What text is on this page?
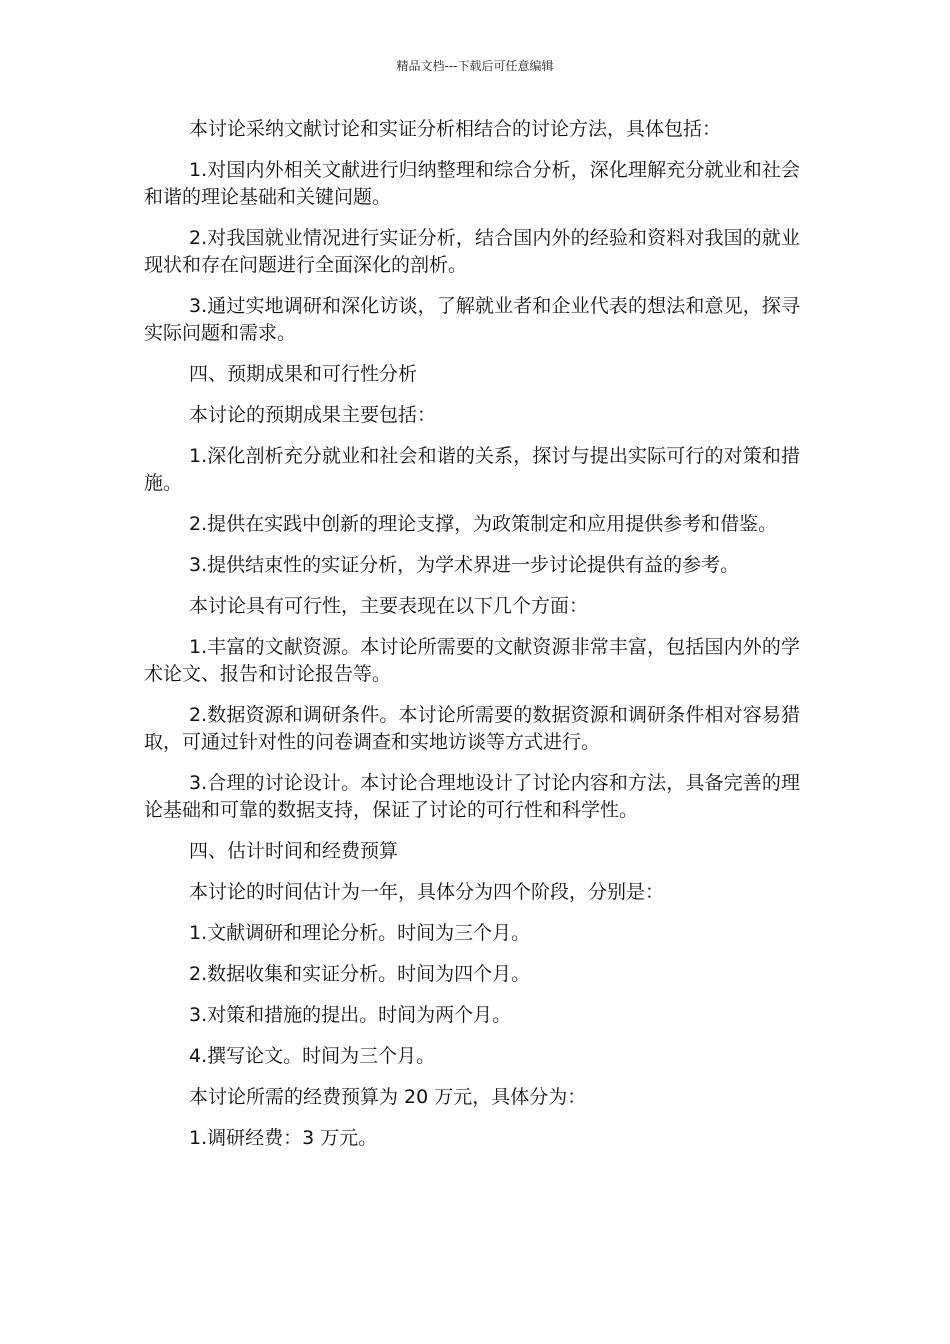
精品文档---下载后可任意编辑

本讨论采纳文献讨论和实证分析相结合的讨论方法，具体包括：

1.对国内外相关文献进行归纳整理和综合分析，深化理解充分就业和社会和谐的理论基础和关键问题。

2.对我国就业情况进行实证分析，结合国内外的经验和资料对我国的就业现状和存在问题进行全面深化的剖析。

3.通过实地调研和深化访谈，了解就业者和企业代表的想法和意见，探寻实际问题和需求。

四、预期成果和可行性分析

本讨论的预期成果主要包括：

1.深化剖析充分就业和社会和谐的关系，探讨与提出实际可行的对策和措施。

2.提供在实践中创新的理论支撑，为政策制定和应用提供参考和借鉴。

3.提供结束性的实证分析，为学术界进一步讨论提供有益的参考。

本讨论具有可行性，主要表现在以下几个方面：

1.丰富的文献资源。本讨论所需要的文献资源非常丰富，包括国内外的学术论文、报告和讨论报告等。

2.数据资源和调研条件。本讨论所需要的数据资源和调研条件相对容易猎取，可通过针对性的问卷调查和实地访谈等方式进行。

3.合理的讨论设计。本讨论合理地设计了讨论内容和方法，具备完善的理论基础和可靠的数据支持，保证了讨论的可行性和科学性。

四、估计时间和经费预算

本讨论的时间估计为一年，具体分为四个阶段，分别是：

1.文献调研和理论分析。时间为三个月。

2.数据收集和实证分析。时间为四个月。

3.对策和措施的提出。时间为两个月。

4.撰写论文。时间为三个月。

本讨论所需的经费预算为 20 万元，具体分为：

1.调研经费：3 万元。
